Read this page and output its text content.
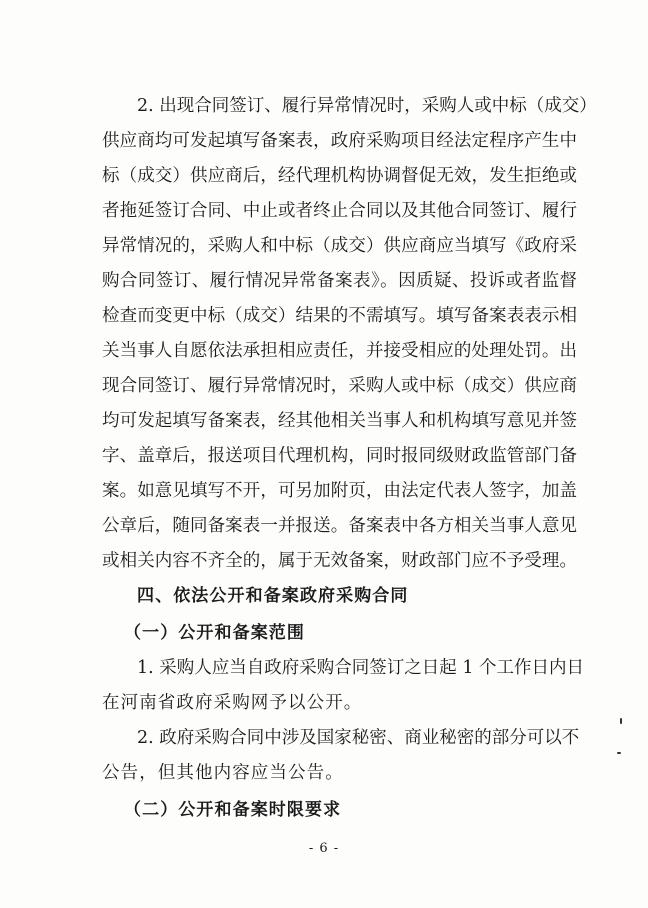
2. 出现合同签订、履行异常情况时，采购人或中标（成交）
供应商均可发起填写备案表，政府采购项目经法定程序产生中
标（成交）供应商后，经代理机构协调督促无效，发生拒绝或
者拖延签订合同、中止或者终止合同以及其他合同签订、履行
异常情况的，采购人和中标（成交）供应商应当填写《政府采
购合同签订、履行情况异常备案表》。因质疑、投诉或者监督
检查而变更中标（成交）结果的不需填写。填写备案表表示相
关当事人自愿依法承担相应责任，并接受相应的处理处罚。出
现合同签订、履行异常情况时，采购人或中标（成交）供应商
均可发起填写备案表，经其他相关当事人和机构填写意见并签
字、盖章后，报送项目代理机构，同时报同级财政监管部门备
案。如意见填写不开，可另加附页，由法定代表人签字，加盖
公章后，随同备案表一并报送。备案表中各方相关当事人意见
或相关内容不齐全的，属于无效备案，财政部门应不予受理。
四、依法公开和备案政府采购合同
（一）公开和备案范围
1. 采购人应当自政府采购合同签订之日起 1 个工作日内日
在河南省政府采购网予以公开。
2. 政府采购合同中涉及国家秘密、商业秘密的部分可以不
公告，但其他内容应当公告。
（二）公开和备案时限要求
- 6 -
